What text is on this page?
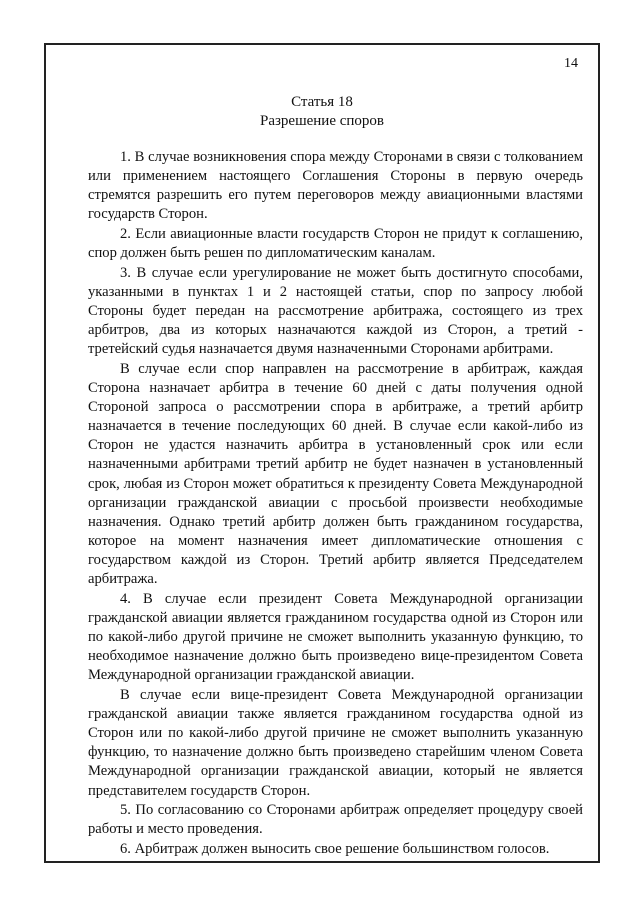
14
Статья 18
Разрешение споров

1. В случае возникновения спора между Сторонами в связи с толкованием или применением настоящего Соглашения Стороны в первую очередь стремятся разрешить его путем переговоров между авиационными властями государств Сторон.

2. Если авиационные власти государств Сторон не придут к соглашению, спор должен быть решен по дипломатическим каналам.

3. В случае если урегулирование не может быть достигнуто способами, указанными в пунктах 1 и 2 настоящей статьи, спор по запросу любой Стороны будет передан на рассмотрение арбитража, состоящего из трех арбитров, два из которых назначаются каждой из Сторон, а третий - третейский судья назначается двумя назначенными Сторонами арбитрами.

В случае если спор направлен на рассмотрение в арбитраж, каждая Сторона назначает арбитра в течение 60 дней с даты получения одной Стороной запроса о рассмотрении спора в арбитраже, а третий арбитр назначается в течение последующих 60 дней. В случае если какой-либо из Сторон не удастся назначить арбитра в установленный срок или если назначенными арбитрами третий арбитр не будет назначен в установленный срок, любая из Сторон может обратиться к президенту Совета Международной организации гражданской авиации с просьбой произвести необходимые назначения. Однако третий арбитр должен быть гражданином государства, которое на момент назначения имеет дипломатические отношения с государством каждой из Сторон. Третий арбитр является Председателем арбитража.

4. В случае если президент Совета Международной организации гражданской авиации является гражданином государства одной из Сторон или по какой-либо другой причине не сможет выполнить указанную функцию, то необходимое назначение должно быть произведено вице-президентом Совета Международной организации гражданской авиации.

В случае если вице-президент Совета Международной организации гражданской авиации также является гражданином государства одной из Сторон или по какой-либо другой причине не сможет выполнить указанную функцию, то назначение должно быть произведено старейшим членом Совета Международной организации гражданской авиации, который не является представителем государств Сторон.

5. По согласованию со Сторонами арбитраж определяет процедуру своей работы и место проведения.

6. Арбитраж должен выносить свое решение большинством голосов.
